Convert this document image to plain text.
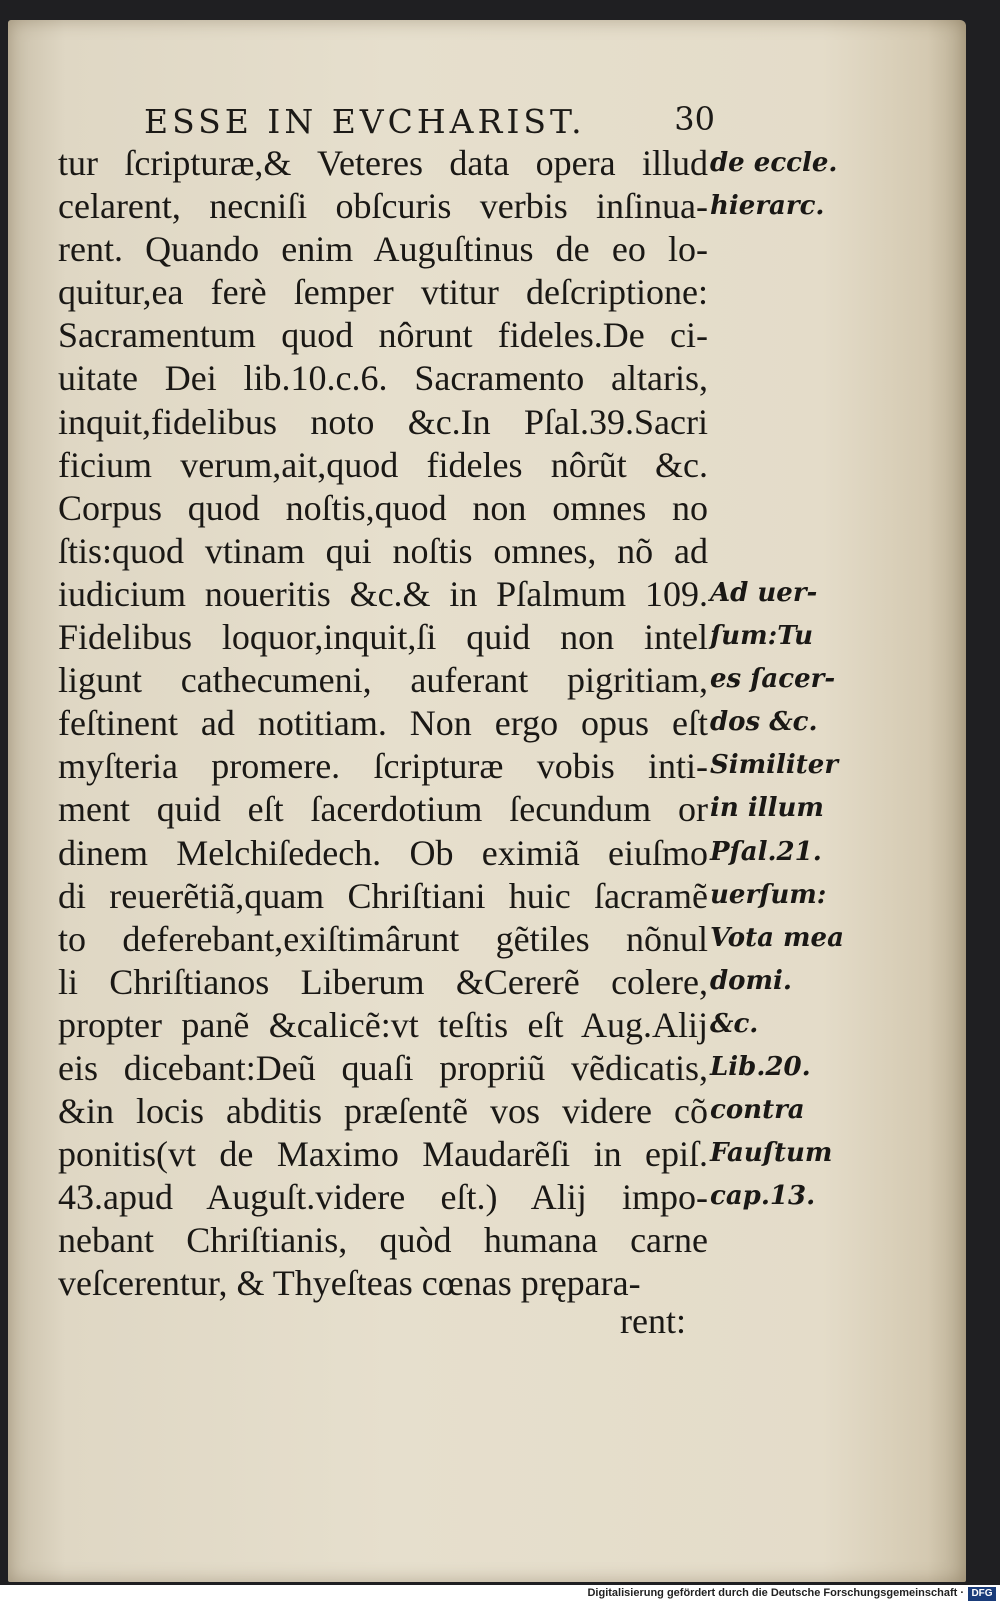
ESSE IN EVCHARIST.	30
tur ſcripturæ,& Veteres data opera illud
celarent, necniſi obſcuris verbis inſinua-
rent. Quando enim Auguſtinus de eo lo-
quitur,ea ferè ſemper vtitur deſcriptione:
Sacramentum quod nôrunt fideles.De ci-
uitate Dei lib.10.c.6. Sacramento altaris,
inquit,fidelibus noto &c.In Pſal.39.Sacri
ficium verum,ait,quod fideles nôrũt &c.
Corpus quod noſtis,quod non omnes no
ſtis:quod vtinam qui noſtis omnes, nõ ad
iudicium noueritis &c.& in Pſalmum 109.
Fidelibus loquor,inquit,ſi quid non intel
ligunt cathecumeni, auferant pigritiam,
feſtinent ad notitiam. Non ergo opus eſt
myſteria promere. ſcripturæ vobis inti-
ment quid eſt ſacerdotium ſecundum or
dinem Melchiſedech. Ob eximiã eiuſmo
di reuerẽtiã,quam Chriſtiani huic ſacramẽ
to deferebant,exiſtimârunt gẽtiles nõnul
li Chriſtianos Liberum &Cererẽ colere,
propter panẽ &calicẽ:vt teſtis eſt Aug.Alij
eis dicebant:Deũ quaſi propriũ vẽdicatis,
&in locis abditis præſentẽ vos videre cõ
ponitis(vt de Maximo Maudarẽſi in epiſ.
43.apud Auguſt.videre eſt.) Alij impo-
nebant Chriſtianis, quòd humana carne
veſcerentur, & Thyeſteas cœnas prępara-
rent:
de eccle.
hierarc.
Ad uer-
ſum:Tu
es ſacer-
dos &c.
Similiter
in illum
Pſal.21.
uerſum:
Vota mea
domi.
&c.
Lib.20.
contra
Fauſtum
cap.13.
Digitalisierung gefördert durch die Deutsche Forschungsgemeinschaft · DFG
